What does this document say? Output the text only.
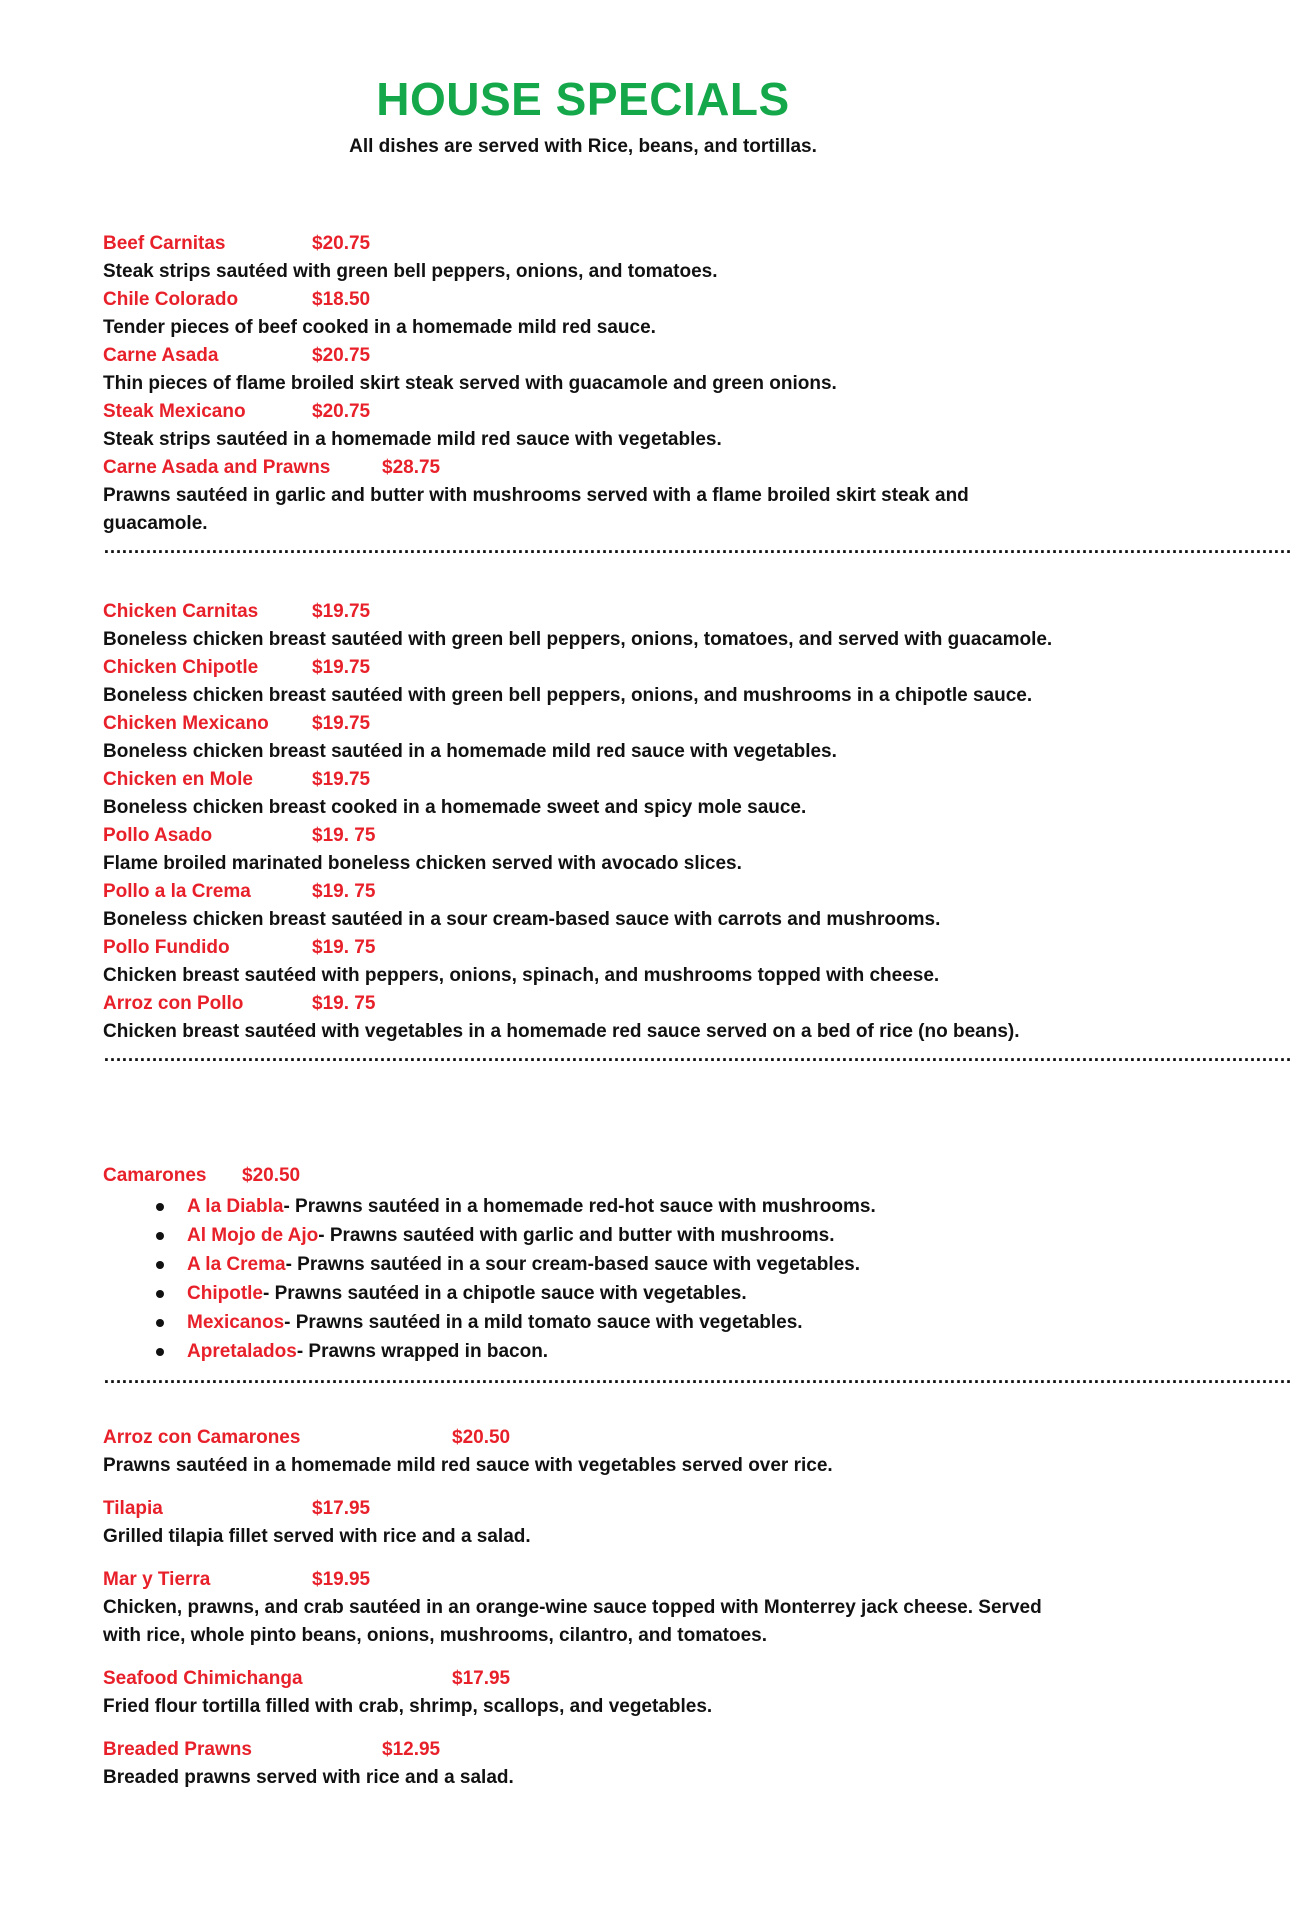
HOUSE SPECIALS
All dishes are served with Rice, beans, and tortillas.
Beef Carnitas	$20.75
Steak strips sautéed with green bell peppers, onions, and tomatoes.
Chile Colorado	$18.50
Tender pieces of beef cooked in a homemade mild red sauce.
Carne Asada	$20.75
Thin pieces of flame broiled skirt steak served with guacamole and green onions.
Steak Mexicano	$20.75
Steak strips sautéed in a homemade mild red sauce with vegetables.
Carne Asada and Prawns	$28.75
Prawns sautéed in garlic and butter with mushrooms served with a flame broiled skirt steak and guacamole.
………………………………………………………………………………………………………………………………………………………………………………
Chicken Carnitas	$19.75
Boneless chicken breast sautéed with green bell peppers, onions, tomatoes, and served with guacamole.
Chicken Chipotle	$19.75
Boneless chicken breast sautéed with green bell peppers, onions, and mushrooms in a chipotle sauce.
Chicken Mexicano $19.75
Boneless chicken breast sautéed in a homemade mild red sauce with vegetables.
Chicken en Mole	$19.75
Boneless chicken breast cooked in a homemade sweet and spicy mole sauce.
Pollo Asado	$19. 75
Flame broiled marinated boneless chicken served with avocado slices.
Pollo a la Crema	$19. 75
Boneless chicken breast sautéed in a sour cream-based sauce with carrots and mushrooms.
Pollo Fundido	$19. 75
Chicken breast sautéed with peppers, onions, spinach, and mushrooms topped with cheese.
Arroz con Pollo	$19. 75
Chicken breast sautéed with vegetables in a homemade red sauce served on a bed of rice (no beans).
………………………………………………………………………………………………………………………………………………………………………………
Camarones $20.50
A la Diabla- Prawns sautéed in a homemade red-hot sauce with mushrooms.
Al Mojo de Ajo- Prawns sautéed with garlic and butter with mushrooms.
A la Crema- Prawns sautéed in a sour cream-based sauce with vegetables.
Chipotle- Prawns sautéed in a chipotle sauce with vegetables.
Mexicanos- Prawns sautéed in a mild tomato sauce with vegetables.
Apretalados- Prawns wrapped in bacon.
………………………………………………………………………………………………………………………………………………………………………………
Arroz con Camarones	$20.50
Prawns sautéed in a homemade mild red sauce with vegetables served over rice.
Tilapia	$17.95
Grilled tilapia fillet served with rice and a salad.
Mar y Tierra	$19.95
Chicken, prawns, and crab sautéed in an orange-wine sauce topped with Monterrey jack cheese. Served with rice, whole pinto beans, onions, mushrooms, cilantro, and tomatoes.
Seafood Chimichanga	$17.95
Fried flour tortilla filled with crab, shrimp, scallops, and vegetables.
Breaded Prawns	$12.95
Breaded prawns served with rice and a salad.
